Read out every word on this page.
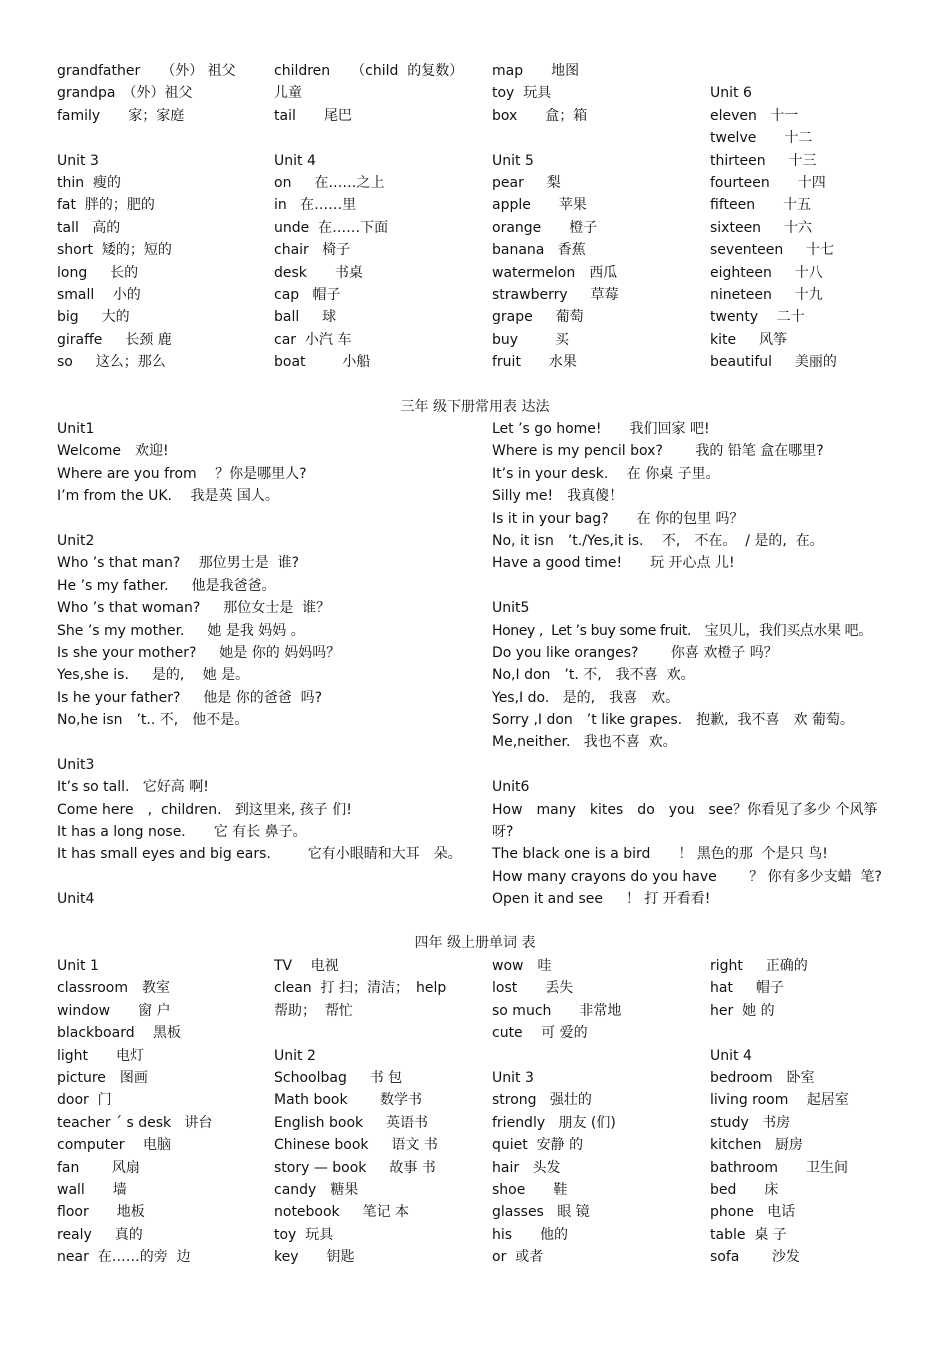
grandfather　　（外） 祖父
grandpa　（外）祖父
family　　家；家庭
Unit 3
thin  瘦的
fat  胖的；肥的
tall   高的
short  矮的；短的
long　  长的
small　 小的
big　  大的
giraffe　  长颈 鹿
so　  这么；那么
children　　（child  的复数）
儿童
tail　　尾巴
Unit 4
on　  在……之上
in   在……里
unde  在……下面
chair   椅子
desk　　书桌
cap   帽子
ball　  球
car  小汽 车
boat　　  小船
map　　地图
toy  玩具
box　　盒；箱
Unit 5
pear　  梨
apple　　苹果
orange　　橙子
banana   香蕉
watermelon　西瓜
strawberry　  草莓
grape　  葡萄
buy　　  买
fruit　　水果
Unit 6
eleven   十一
twelve　　十二
thirteen　  十三
fourteen　　十四
fifteen　　十五
sixteen　  十六
seventeen　  十七
eighteen　  十八
nineteen　  十九
twenty　 二十
kite　  风筝
beautiful　  美丽的
三年 级下册常用表 达法
Unit1
Welcome　欢迎!
Where are you from　 ？你是哪里人?
I’m from the UK.　 我是英 国人。
Unit2
Who ’s that man?　 那位男士是  谁?
He ’s my father.　  他是我爸爸。
Who ’s that woman?　  那位女士是  谁？
She ’s my mother.　  她 是我 妈妈 。
Is she your mother?　  她是 你的 妈妈吗？
Yes,she is.　  是的,　 她 是。
Is he your father?　  他是 你的爸爸  吗?
No,he isn　’t.. 不,　他不是。
Unit3
It’s so tall.   它好高 啊!
Come here　,  children.   到这里来, 孩子 们!
It has a long nose.　　它 有长 鼻子。
It has small eyes and big ears.　　  它有小眼睛和大耳　朵。
Unit4
Let ’s go home!　　我们回家 吧!
Where is my pencil box?　　 我的 铅笔 盒在哪里?
It’s in your desk.　 在 你桌 子里。
Silly me!　我真傻！
Is it in your bag?　　在 你的包里 吗？
No, it isn　’t./Yes,it is.　 不,　不在。  / 是的,  在。
Have a good time!　　玩 开心点 儿!
Unit5
Honey ,  Let ’s buy some fruit.　宝贝儿，我们买点水果 吧。
Do you like oranges?　　 你喜 欢橙子 吗？
No,I don　’t. 不,　我不喜  欢。
Yes,I do.   是的,　我喜　欢。
Sorry ,I don　’t like grapes.　抱歉,  我不喜　欢 葡萄。
Me,neither.   我也不喜  欢。
Unit6
How　many　kites　do　you　see？你看见了多少 个风筝呀?
The black one is a bird　　！ 黑色的那  个是只 鸟!
How many crayons do you have　　 ？ 你有多少支蜡  笔?
Open it and see　  ！ 打 开看看!
四年 级上册单词 表
Unit 1
classroom　教室
window　　窗 户
blackboard　 黑板
light　　电灯
picture　图画
door  门
teacher ˊ s desk   讲台
computer　 电脑
fan　　 风扇
wall　　墙
floor　　地板
realy　  真的
near  在……的旁  边
TV　 电视
clean  打 扫；清洁；　help　
帮助；  帮忙
Unit 2
Schoolbag　  书 包
Math book　　 数学书
English book　  英语书
Chinese book　  语文 书
story — book　  故事 书
candy　糖果
notebook　  笔记 本
toy  玩具
key　　钥匙
wow　哇
lost　　丢失
so much　　非常地
cute　 可 爱的
Unit 3
strong   强壮的
friendly   朋友 (们)
quiet  安静 的
hair   头发
shoe　　鞋
glasses   眼 镜
his　　他的
or  或者
right　  正确的
hat　  帽子
her  她 的
Unit 4
bedroom　卧室
living room　 起居室
study   书房
kitchen   厨房
bathroom　　卫生间
bed　　床
phone   电话
table  桌 子
sofa　　 沙发
